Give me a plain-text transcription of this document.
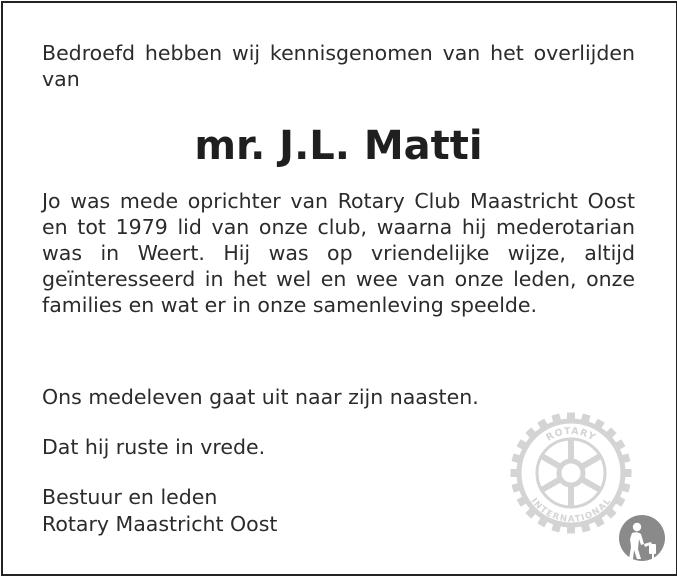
Bedroefd hebben wij kennisgenomen van het overlijden van
mr. J.L. Matti
Jo was mede oprichter van Rotary Club Maastricht Oost en tot 1979 lid van onze club, waarna hij mederotarian was in Weert. Hij was op vriendelijke wijze, altijd geïnteresseerd in het wel en wee van onze leden, onze families en wat er in onze samenleving speelde.
Ons medeleven gaat uit naar zijn naasten.
Dat hij ruste in vrede.
Bestuur en leden
Rotary Maastricht Oost
ROTARY
INTERNATIONAL
